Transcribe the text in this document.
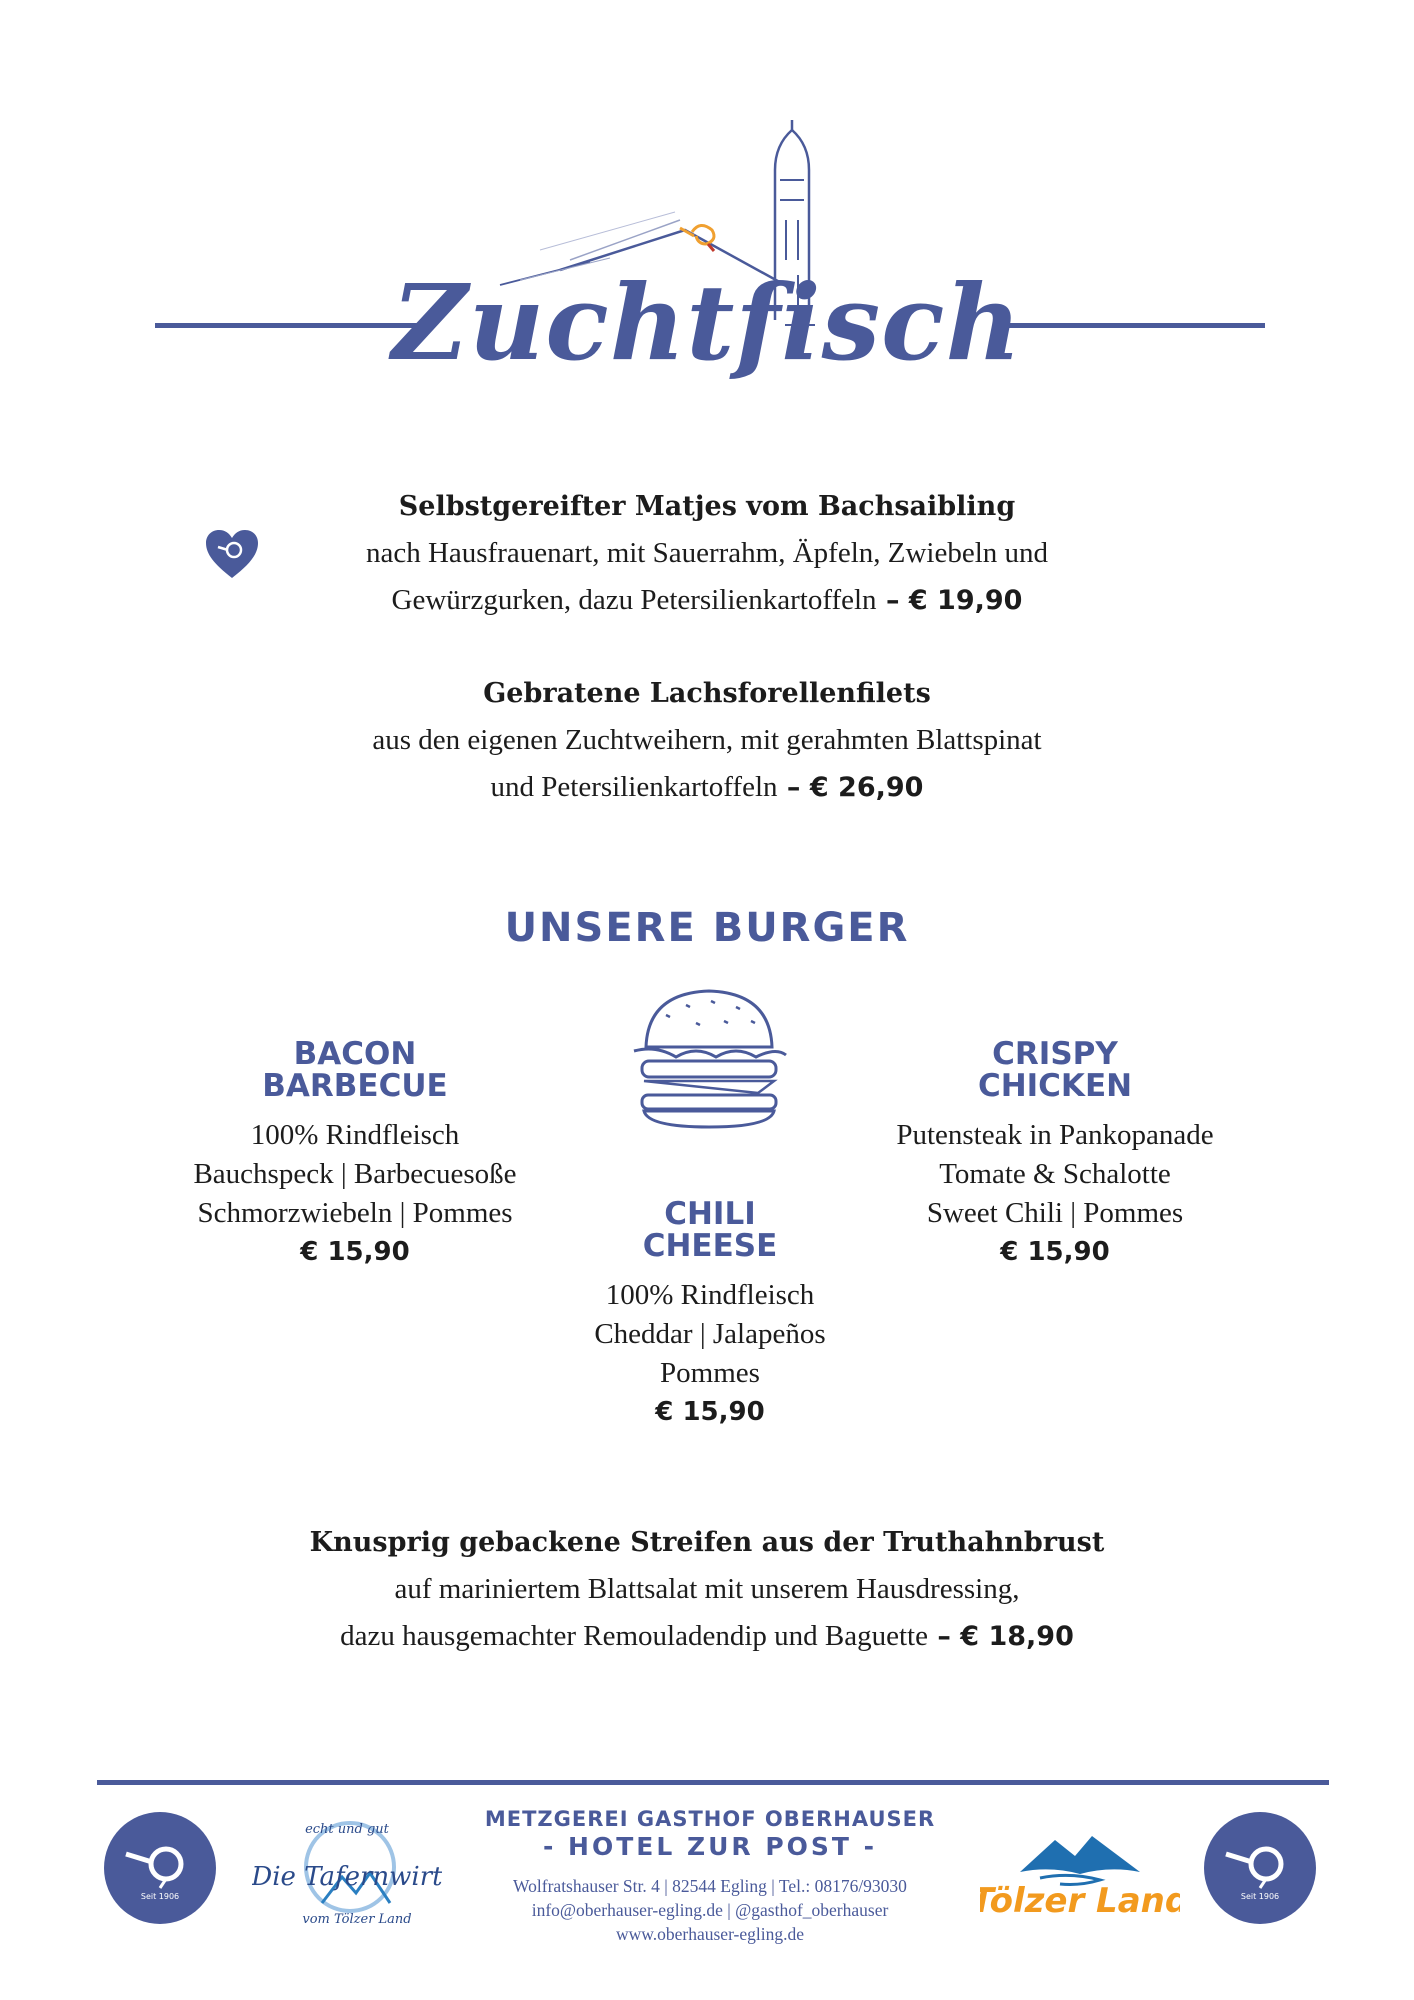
Zuchtfisch
Selbstgereifter Matjes vom Bachsaibling
nach Hausfrauenart, mit Sauerrahm, Äpfeln, Zwiebeln und
Gewürzgurken, dazu Petersilienkartoffeln – € 19,90
Gebratene Lachsforellenfilets
aus den eigenen Zuchtweihern, mit gerahmten Blattspinat
und Petersilienkartoffeln – € 26,90
UNSERE BURGER
BACON
BARBECUE
100% Rindfleisch
Bauchspeck | Barbecuesoße
Schmorzwiebeln | Pommes
€ 15,90
CRISPY
CHICKEN
Putensteak in Pankopanade
Tomate & Schalotte
Sweet Chili | Pommes
€ 15,90
CHILI
CHEESE
100% Rindfleisch
Cheddar | Jalapeños
Pommes
€ 15,90
Knusprig gebackene Streifen aus der Truthahnbrust
auf mariniertem Blattsalat mit unserem Hausdressing,
dazu hausgemachter Remouladendip und Baguette – € 18,90
Seit 1906
echt und gut
Die Tafernwirt
vom Tölzer Land
METZGEREI GASTHOF OBERHAUSER
- HOTEL ZUR POST -
Wolfratshauser Str. 4 | 82544 Egling | Tel.: 08176/93030
info@oberhauser-egling.de | @gasthof_oberhauser
www.oberhauser-egling.de
Tölzer Land	Seit 1906
